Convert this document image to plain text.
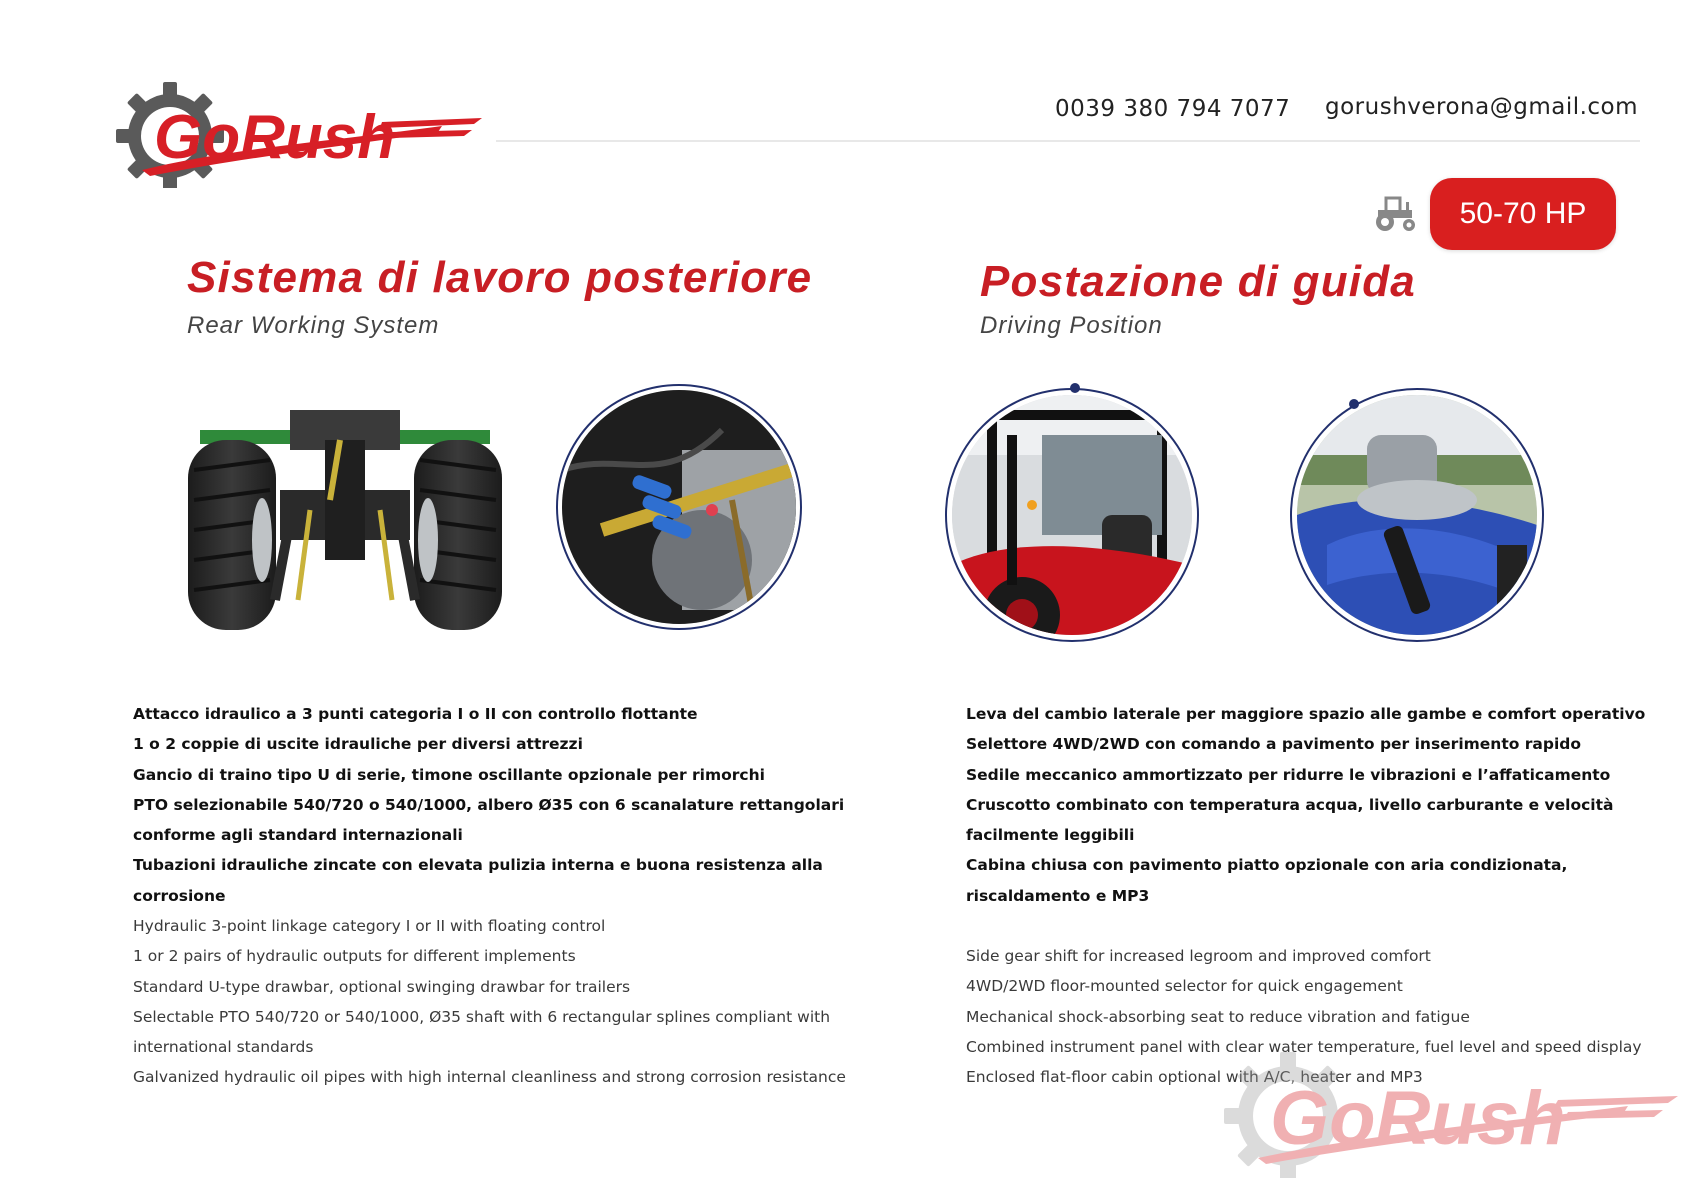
GoRush	0039 380 794 7077 gorushverona@gmail.com
50-70 HP
Sistema di lavoro posteriore
Rear Working System
Postazione di guida
Driving Position
Attacco idraulico a 3 punti categoria I o II con controllo flottante
1 o 2 coppie di uscite idrauliche per diversi attrezzi
Gancio di traino tipo U di serie, timone oscillante opzionale per rimorchi
PTO selezionabile 540/720 o 540/1000, albero Ø35 con 6 scanalature rettangolari conforme agli standard internazionali
Tubazioni idrauliche zincate con elevata pulizia interna e buona resistenza alla corrosione
Hydraulic 3-point linkage category I or II with floating control
1 or 2 pairs of hydraulic outputs for different implements
Standard U-type drawbar, optional swinging drawbar for trailers
Selectable PTO 540/720 or 540/1000, Ø35 shaft with 6 rectangular splines compliant with international standards
Galvanized hydraulic oil pipes with high internal cleanliness and strong corrosion resistance
Leva del cambio laterale per maggiore spazio alle gambe e comfort operativo
Selettore 4WD/2WD con comando a pavimento per inserimento rapido
Sedile meccanico ammortizzato per ridurre le vibrazioni e l’affaticamento
Cruscotto combinato con temperatura acqua, livello carburante e velocità facilmente leggibili
Cabina chiusa con pavimento piatto opzionale con aria condizionata, riscaldamento e MP3
Side gear shift for increased legroom and improved comfort
4WD/2WD floor-mounted selector for quick engagement
Mechanical shock-absorbing seat to reduce vibration and fatigue
Combined instrument panel with clear water temperature, fuel level and speed display
Enclosed flat-floor cabin optional with A/C, heater and MP3
GoRush
